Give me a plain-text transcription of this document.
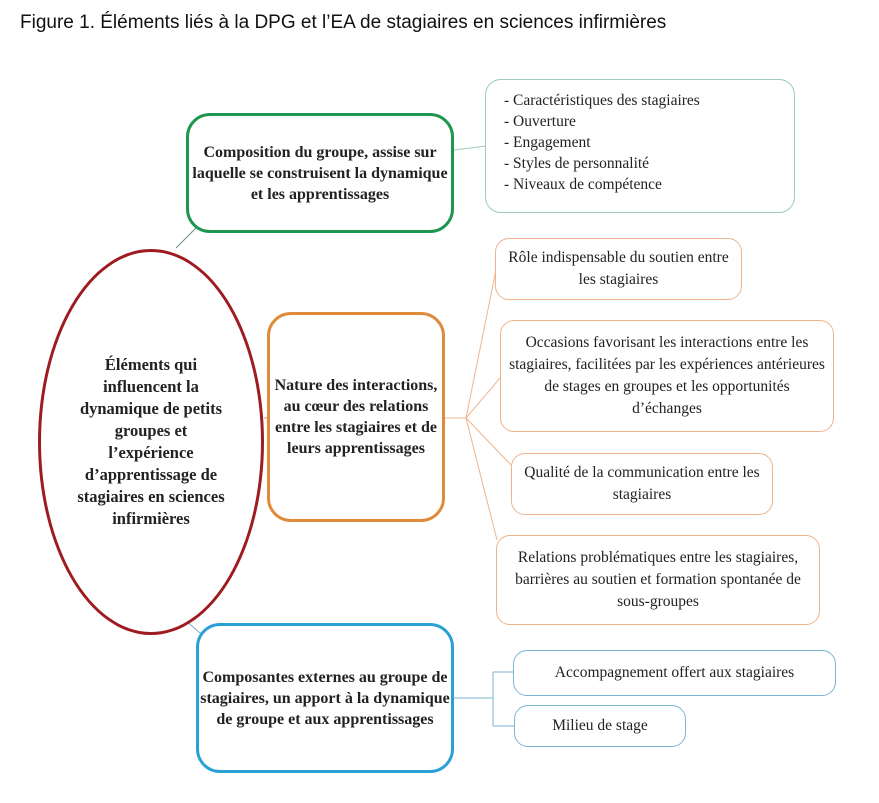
Figure 1. Éléments liés à la DPG et l’EA de stagiaires en sciences infirmières
Éléments qui influencent la dynamique de petits groupes et l’expérience d’apprentissage de stagiaires en sciences infirmières
Composition du groupe, assise sur laquelle se construisent la dynamique et les apprentissages
- Caractéristiques des stagiaires
- Ouverture
- Engagement
- Styles de personnalité
- Niveaux de compétence
Nature des interactions, au cœur des relations entre les stagiaires et de leurs apprentissages
Rôle indispensable du soutien entre les stagiaires
Occasions favorisant les interactions entre les stagiaires, facilitées par les expériences antérieures de stages en groupes et les opportunités d’échanges
Qualité de la communication entre les stagiaires
Relations problématiques entre les stagiaires, barrières au soutien et formation spontanée de sous-groupes
Composantes externes au groupe de stagiaires, un apport à la dynamique de groupe et aux apprentissages
Accompagnement offert aux stagiaires
Milieu de stage
